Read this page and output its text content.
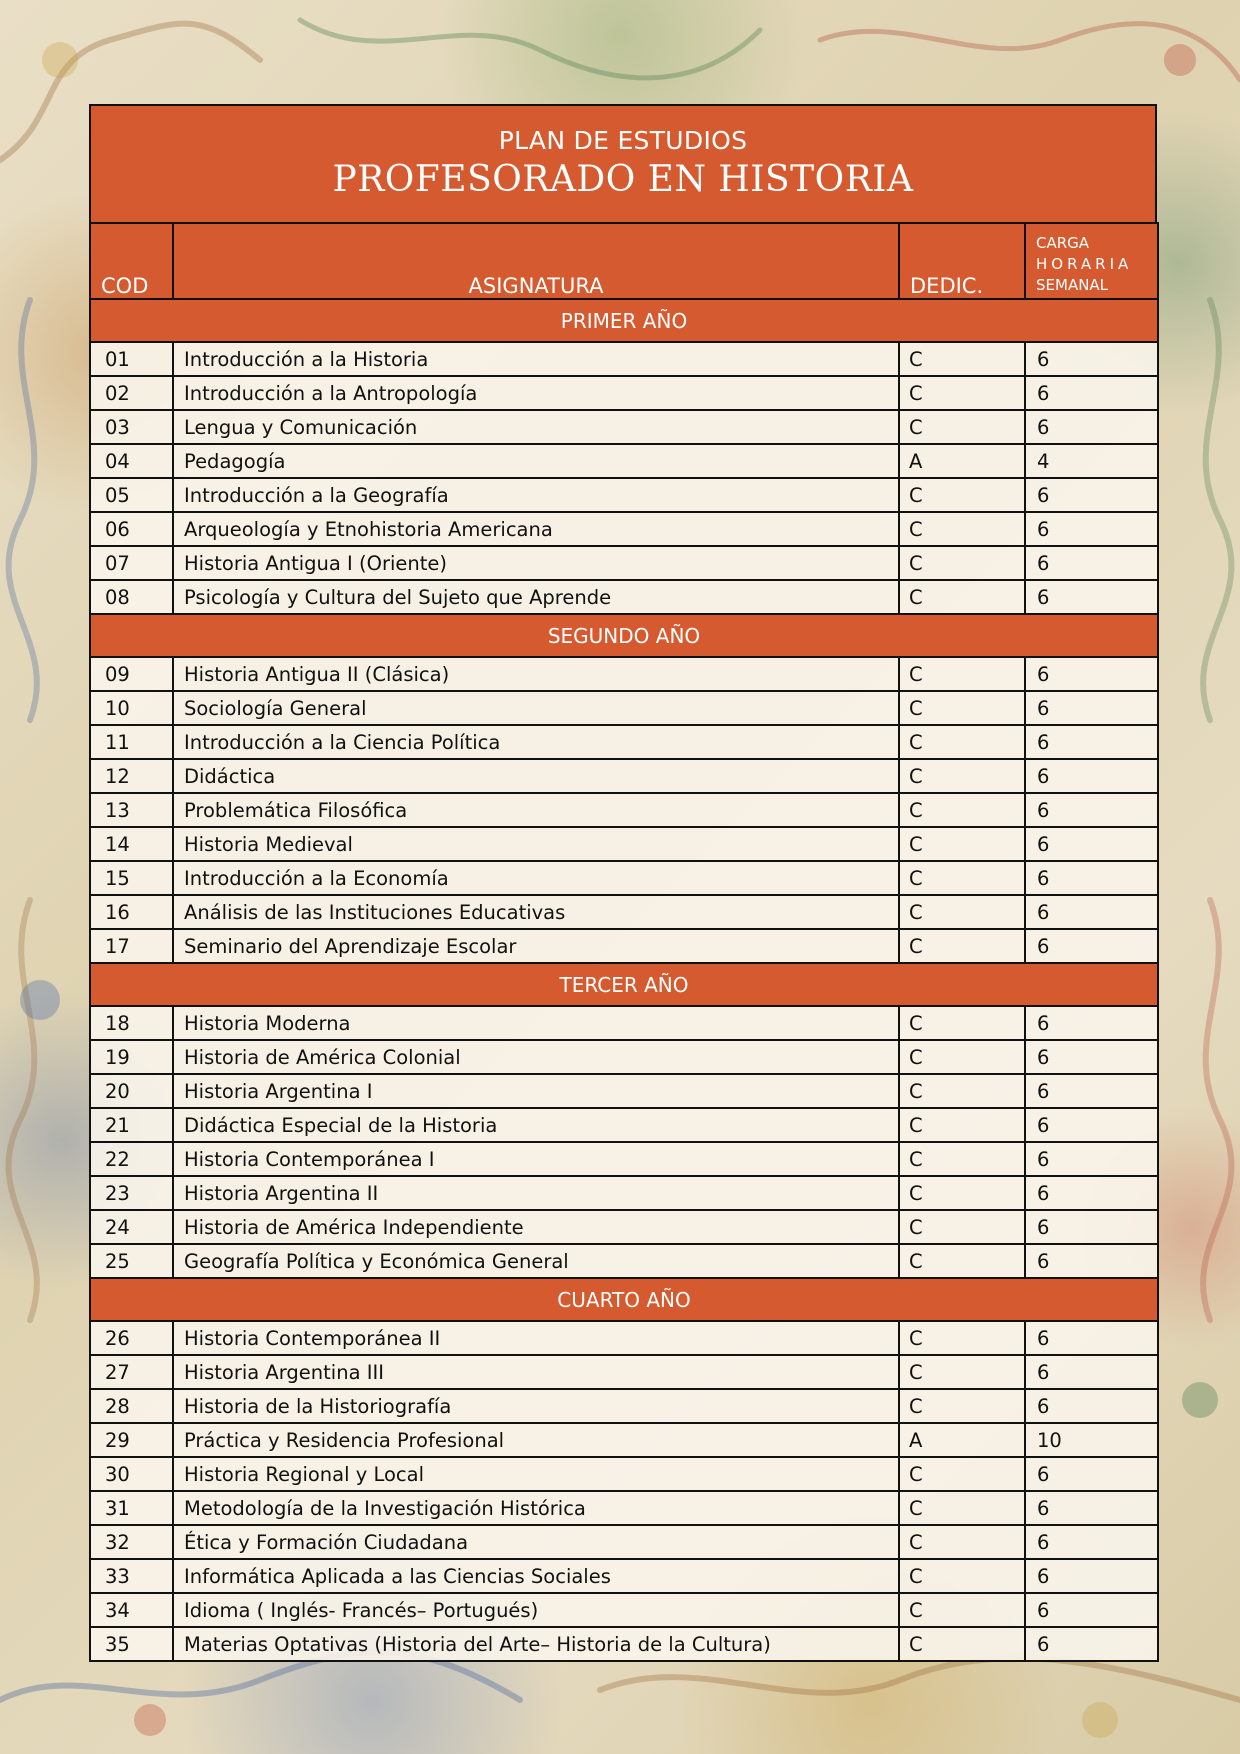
PLAN DE ESTUDIOS
PROFESORADO EN HISTORIA
COD	ASIGNATURA	DEDIC.	CARGA
HORARIA
SEMANAL

PRIMER AÑO			
01	Introducción a la Historia	C	6
02	Introducción a la Antropología	C	6
03	Lengua y Comunicación	C	6
04	Pedagogía	A	4
05	Introducción a la Geografía	C	6
06	Arqueología y Etnohistoria Americana	C	6
07	Historia Antigua I (Oriente)	C	6
08	Psicología y Cultura del Sujeto que Aprende	C	6
SEGUNDO AÑO			
09	Historia Antigua II (Clásica)	C	6
10	Sociología General	C	6
11	Introducción a la Ciencia Política	C	6
12	Didáctica	C	6
13	Problemática Filosófica	C	6
14	Historia Medieval	C	6
15	Introducción a la Economía	C	6
16	Análisis de las Instituciones Educativas	C	6
17	Seminario del Aprendizaje Escolar	C	6
TERCER AÑO			
18	Historia Moderna	C	6
19	Historia de América Colonial	C	6
20	Historia Argentina I	C	6
21	Didáctica Especial de la Historia	C	6
22	Historia Contemporánea I	C	6
23	Historia Argentina II	C	6
24	Historia de América Independiente	C	6
25	Geografía Política y Económica General	C	6
CUARTO AÑO			
26	Historia Contemporánea II	C	6
27	Historia Argentina III	C	6
28	Historia de la Historiografía	C	6
29	Práctica y Residencia Profesional	A	10
30	Historia Regional y Local	C	6
31	Metodología de la Investigación Histórica	C	6
32	Ética y Formación Ciudadana	C	6
33	Informática Aplicada a las Ciencias Sociales	C	6
34	Idioma ( Inglés- Francés– Portugués)	C	6
35	Materias Optativas (Historia del Arte– Historia de la Cultura)	C	6
